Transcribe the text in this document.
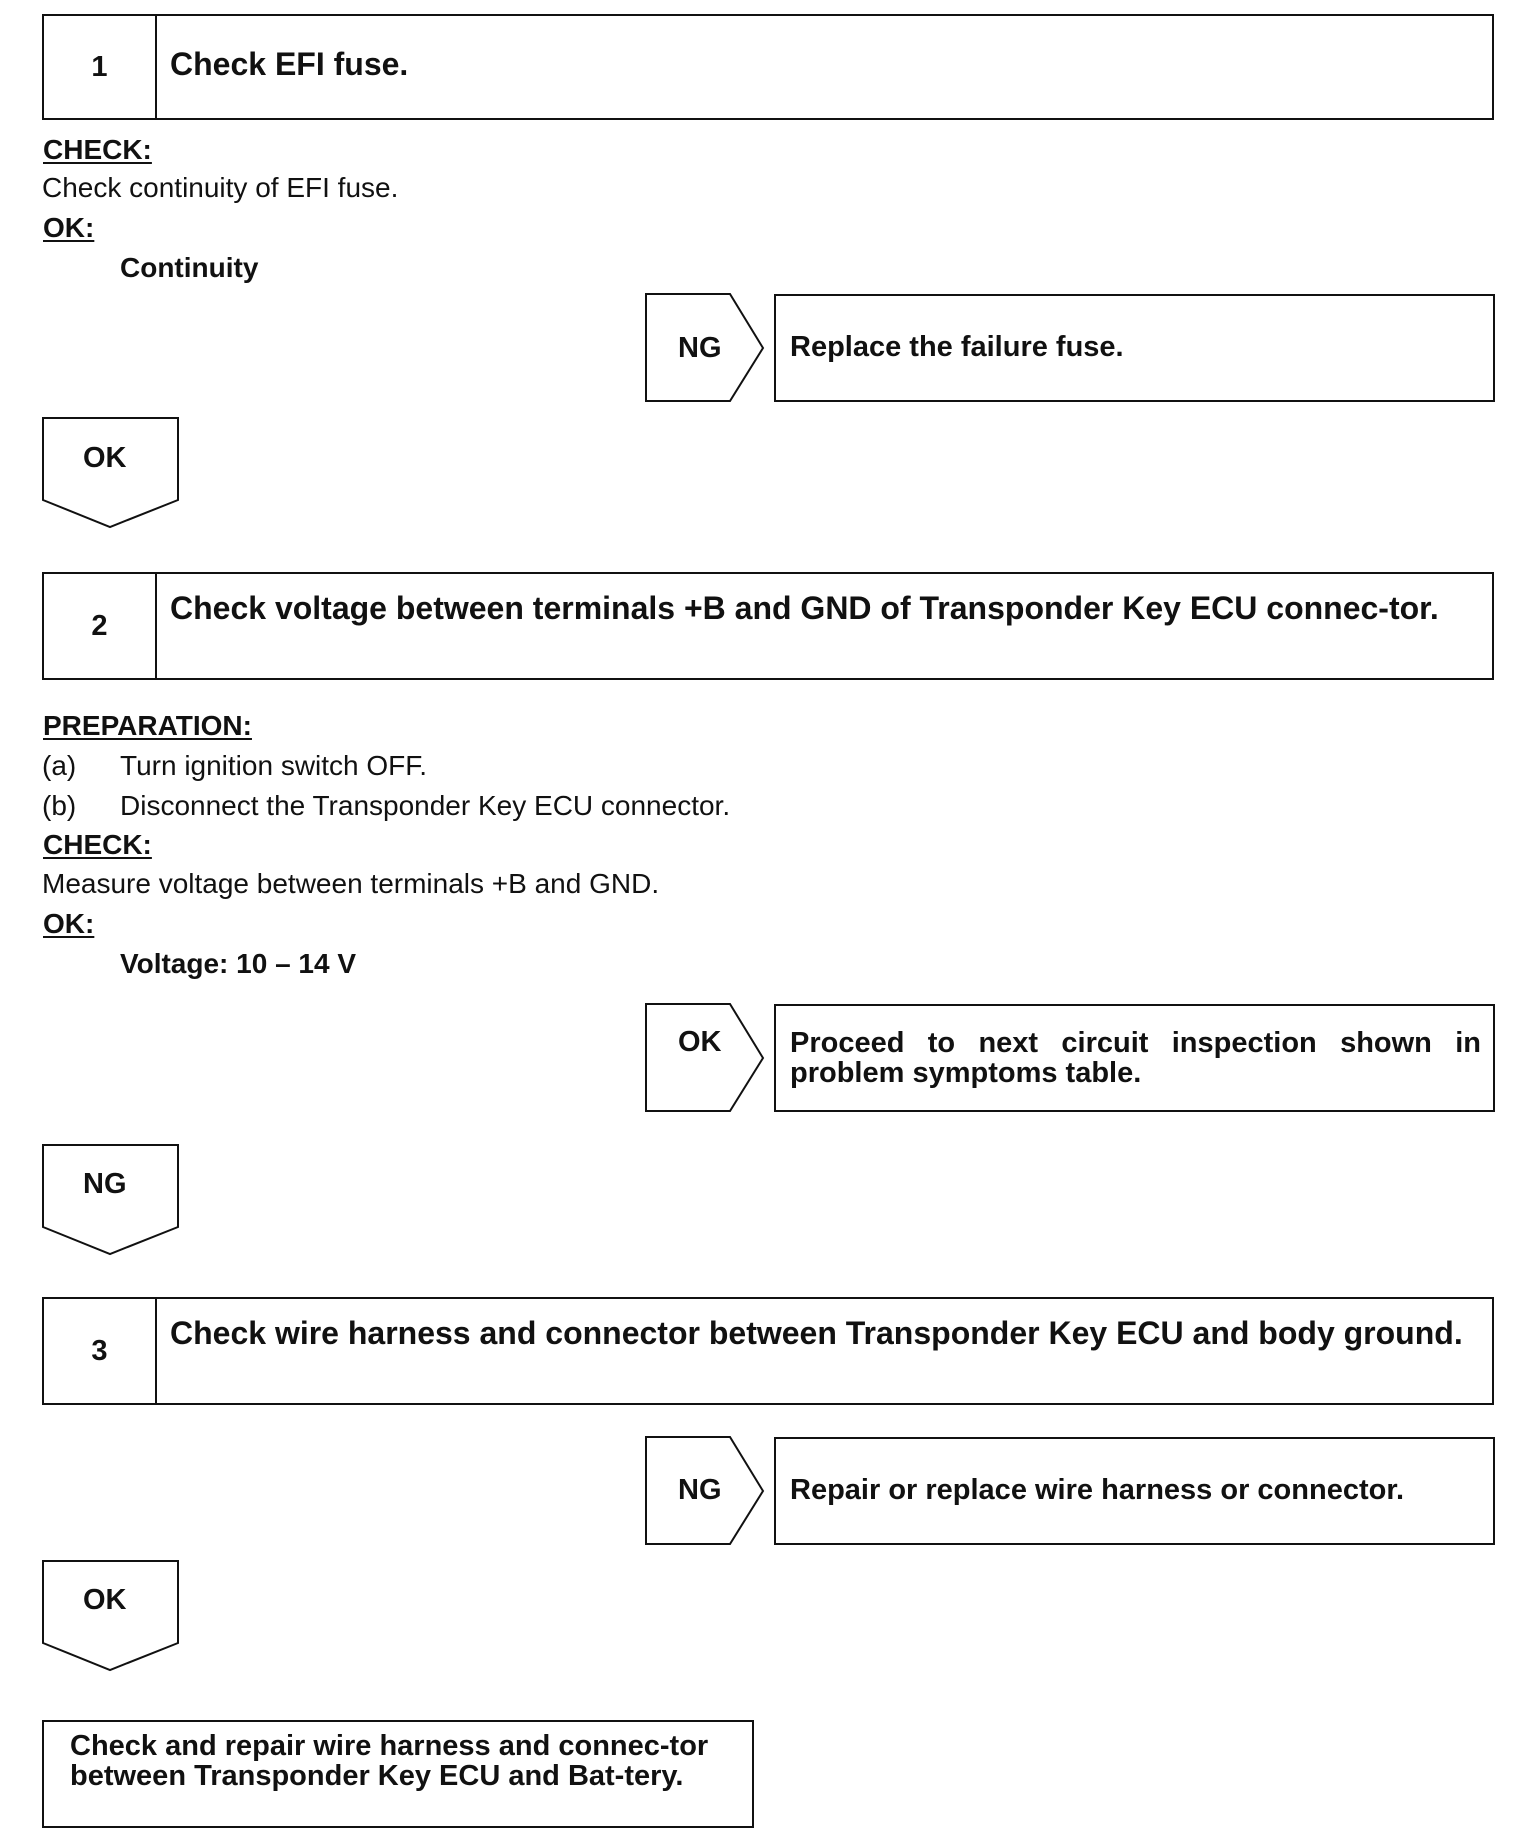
1	Check EFI fuse.
CHECK:
Check continuity of EFI fuse.
OK:
Continuity
NG Replace the failure fuse.
OK
2	Check voltage between terminals +B and GND of Transponder Key ECU connec-tor.
PREPARATION:
(a) Turn ignition switch OFF.
(b) Disconnect the Transponder Key ECU connector.
CHECK:
Measure voltage between terminals +B and GND.
OK:
Voltage: 10 – 14 V
OK Proceed to next circuit inspection shown in problem symptoms table.
NG
3	Check wire harness and connector between Transponder Key ECU and body ground.
NG Repair or replace wire harness or connector.
OK
Check and repair wire harness and connec-tor between Transponder Key ECU and Bat-tery.
